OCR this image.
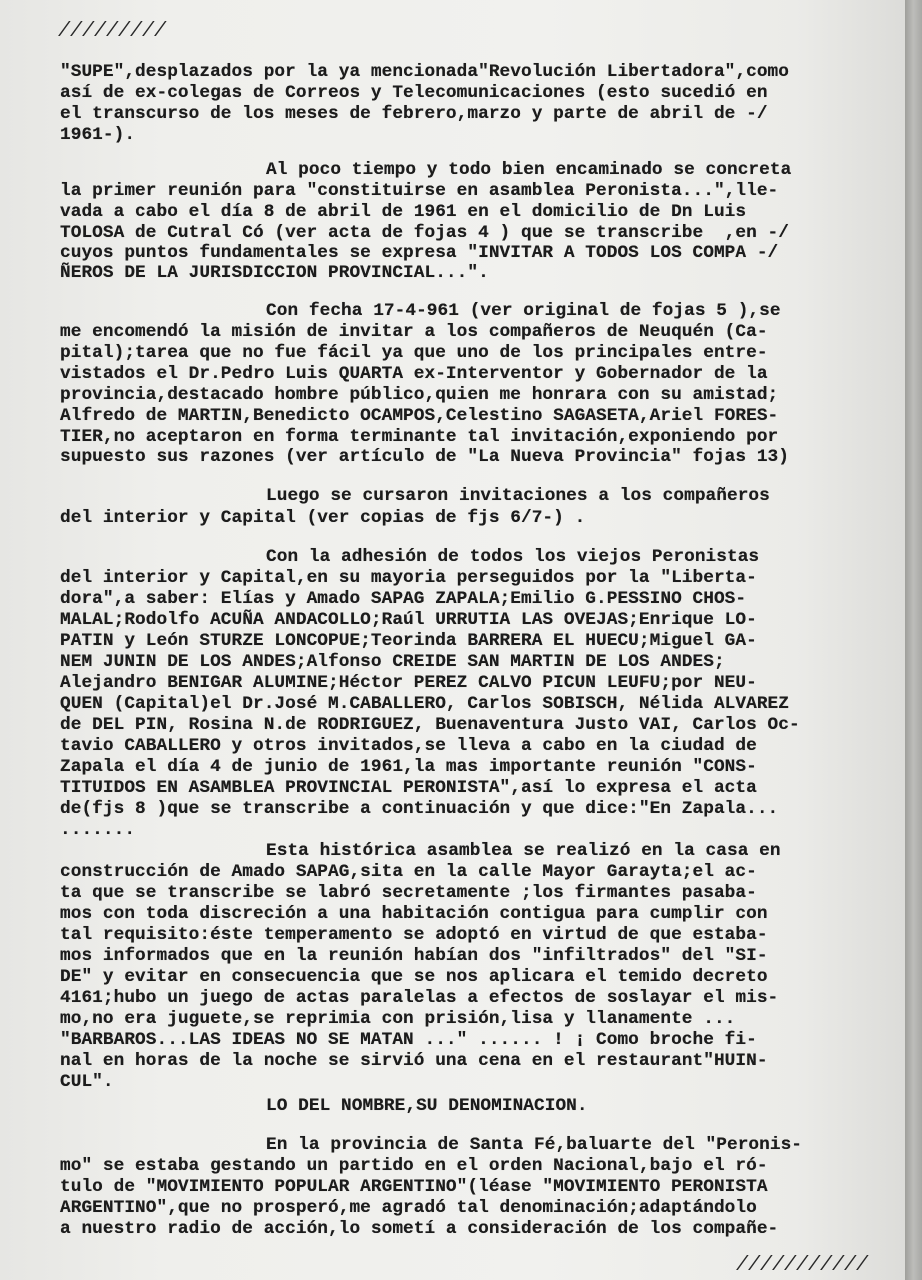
/////////
"SUPE",desplazados por la ya mencionada"Revolución Libertadora",como
así de ex-colegas de Correos y Telecomunicaciones (esto sucedió en
el transcurso de los meses de febrero,marzo y parte de abril de -/
1961-).
Al poco tiempo y todo bien encaminado se concreta
la primer reunión para "constituirse en asamblea Peronista...",lle-
vada a cabo el día 8 de abril de 1961 en el domicilio de Dn Luis
TOLOSA de Cutral Có (ver acta de fojas 4 ) que se transcribe  ,en -/
cuyos puntos fundamentales se expresa "INVITAR A TODOS LOS COMPA -/
ÑEROS DE LA JURISDICCION PROVINCIAL...".
Con fecha 17-4-961 (ver original de fojas 5 ),se
me encomendó la misión de invitar a los compañeros de Neuquén (Ca-
pital);tarea que no fue fácil ya que uno de los principales entre-
vistados el Dr.Pedro Luis QUARTA ex-Interventor y Gobernador de la
provincia,destacado hombre público,quien me honrara con su amistad;
Alfredo de MARTIN,Benedicto OCAMPOS,Celestino SAGASETA,Ariel FORES-
TIER,no aceptaron en forma terminante tal invitación,exponiendo por
supuesto sus razones (ver artículo de "La Nueva Provincia" fojas 13)
Luego se cursaron invitaciones a los compañeros
del interior y Capital (ver copias de fjs 6/7-) .
Con la adhesión de todos los viejos Peronistas
del interior y Capital,en su mayoria perseguidos por la "Liberta-
dora",a saber: Elías y Amado SAPAG ZAPALA;Emilio G.PESSINO CHOS-
MALAL;Rodolfo ACUÑA ANDACOLLO;Raúl URRUTIA LAS OVEJAS;Enrique LO-
PATIN y León STURZE LONCOPUE;Teorinda BARRERA EL HUECU;Miguel GA-
NEM JUNIN DE LOS ANDES;Alfonso CREIDE SAN MARTIN DE LOS ANDES;
Alejandro BENIGAR ALUMINE;Héctor PEREZ CALVO PICUN LEUFU;por NEU-
QUEN (Capital)el Dr.José M.CABALLERO, Carlos SOBISCH, Nélida ALVAREZ
de DEL PIN, Rosina N.de RODRIGUEZ, Buenaventura Justo VAI, Carlos Oc-
tavio CABALLERO y otros invitados,se lleva a cabo en la ciudad de
Zapala el día 4 de junio de 1961,la mas importante reunión "CONS-
TITUIDOS EN ASAMBLEA PROVINCIAL PERONISTA",así lo expresa el acta
de(fjs 8 )que se transcribe a continuación y que dice:"En Zapala...
.......
Esta histórica asamblea se realizó en la casa en
construcción de Amado SAPAG,sita en la calle Mayor Garayta;el ac-
ta que se transcribe se labró secretamente ;los firmantes pasaba-
mos con toda discreción a una habitación contigua para cumplir con
tal requisito:éste temperamento se adoptó en virtud de que estaba-
mos informados que en la reunión habían dos "infiltrados" del "SI-
DE" y evitar en consecuencia que se nos aplicara el temido decreto
4161;hubo un juego de actas paralelas a efectos de soslayar el mis-
mo,no era juguete,se reprimia con prisión,lisa y llanamente ...
"BARBAROS...LAS IDEAS NO SE MATAN ..." ...... ! ¡ Como broche fi-
nal en horas de la noche se sirvió una cena en el restaurant"HUIN-
CUL".
LO DEL NOMBRE,SU DENOMINACION.
En la provincia de Santa Fé,baluarte del "Peronis-
mo" se estaba gestando un partido en el orden Nacional,bajo el ró-
tulo de "MOVIMIENTO POPULAR ARGENTINO"(léase "MOVIMIENTO PERONISTA
ARGENTINO",que no prosperó,me agradó tal denominación;adaptándolo
a nuestro radio de acción,lo sometí a consideración de los compañe-
///////////
